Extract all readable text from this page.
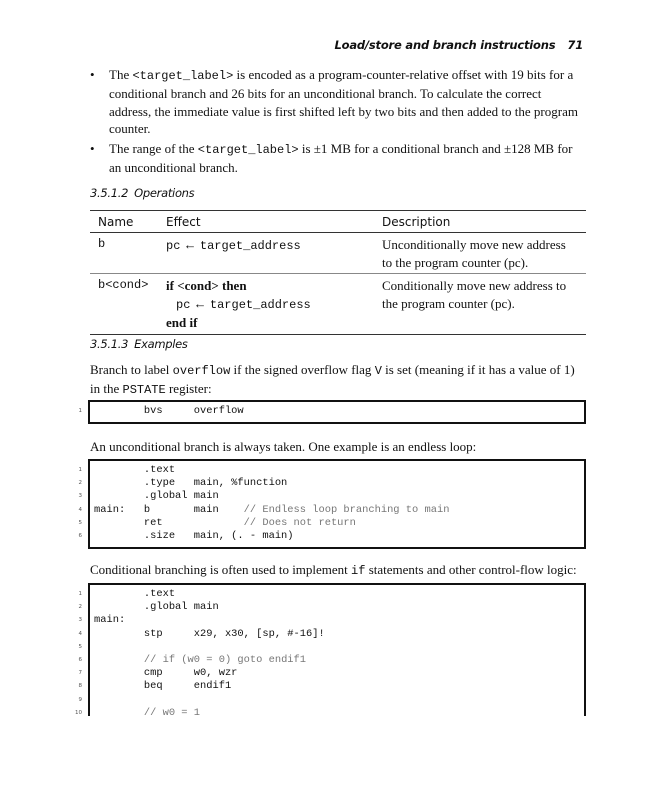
Load/store and branch instructions 71
• The <target_label> is encoded as a program-counter-relative offset with 19 bits for a conditional branch and 26 bits for an unconditional branch. To calculate the correct address, the immediate value is first shifted left by two bits and then added to the program counter.
• The range of the <target_label> is ±1 MB for a conditional branch and ±128 MB for an unconditional branch.
3.5.1.2 Operations
Name	Effect	Description
b	pc ← target_address	Unconditionally move new address to the program counter (pc).
b<cond>	if <cond> then
pc ← target_address
end if	Conditionally move new address to the program counter (pc).
3.5.1.3 Examples

Branch to label overflow if the signed overflow flag V is set (meaning if it has a value of 1) in the PSTATE register:

1 bvs     overflow

An unconditional branch is always taken. One example is an endless loop:

1 .text
2 .type   main, %function
3 .global main
4 main:   b       main    // Endless loop branching to main
5 ret             // Does not return
6 .size   main, (. - main)

Conditional branching is often used to implement if statements and other control-flow logic:

1 .text
2 .global main
3 main:
4 stp     x29, x30, [sp, #-16]!
5
6	// if (w0 = 0) goto endif1
7 cmp     w0, wzr
8 beq     endif1
9
10	// w0 = 1
